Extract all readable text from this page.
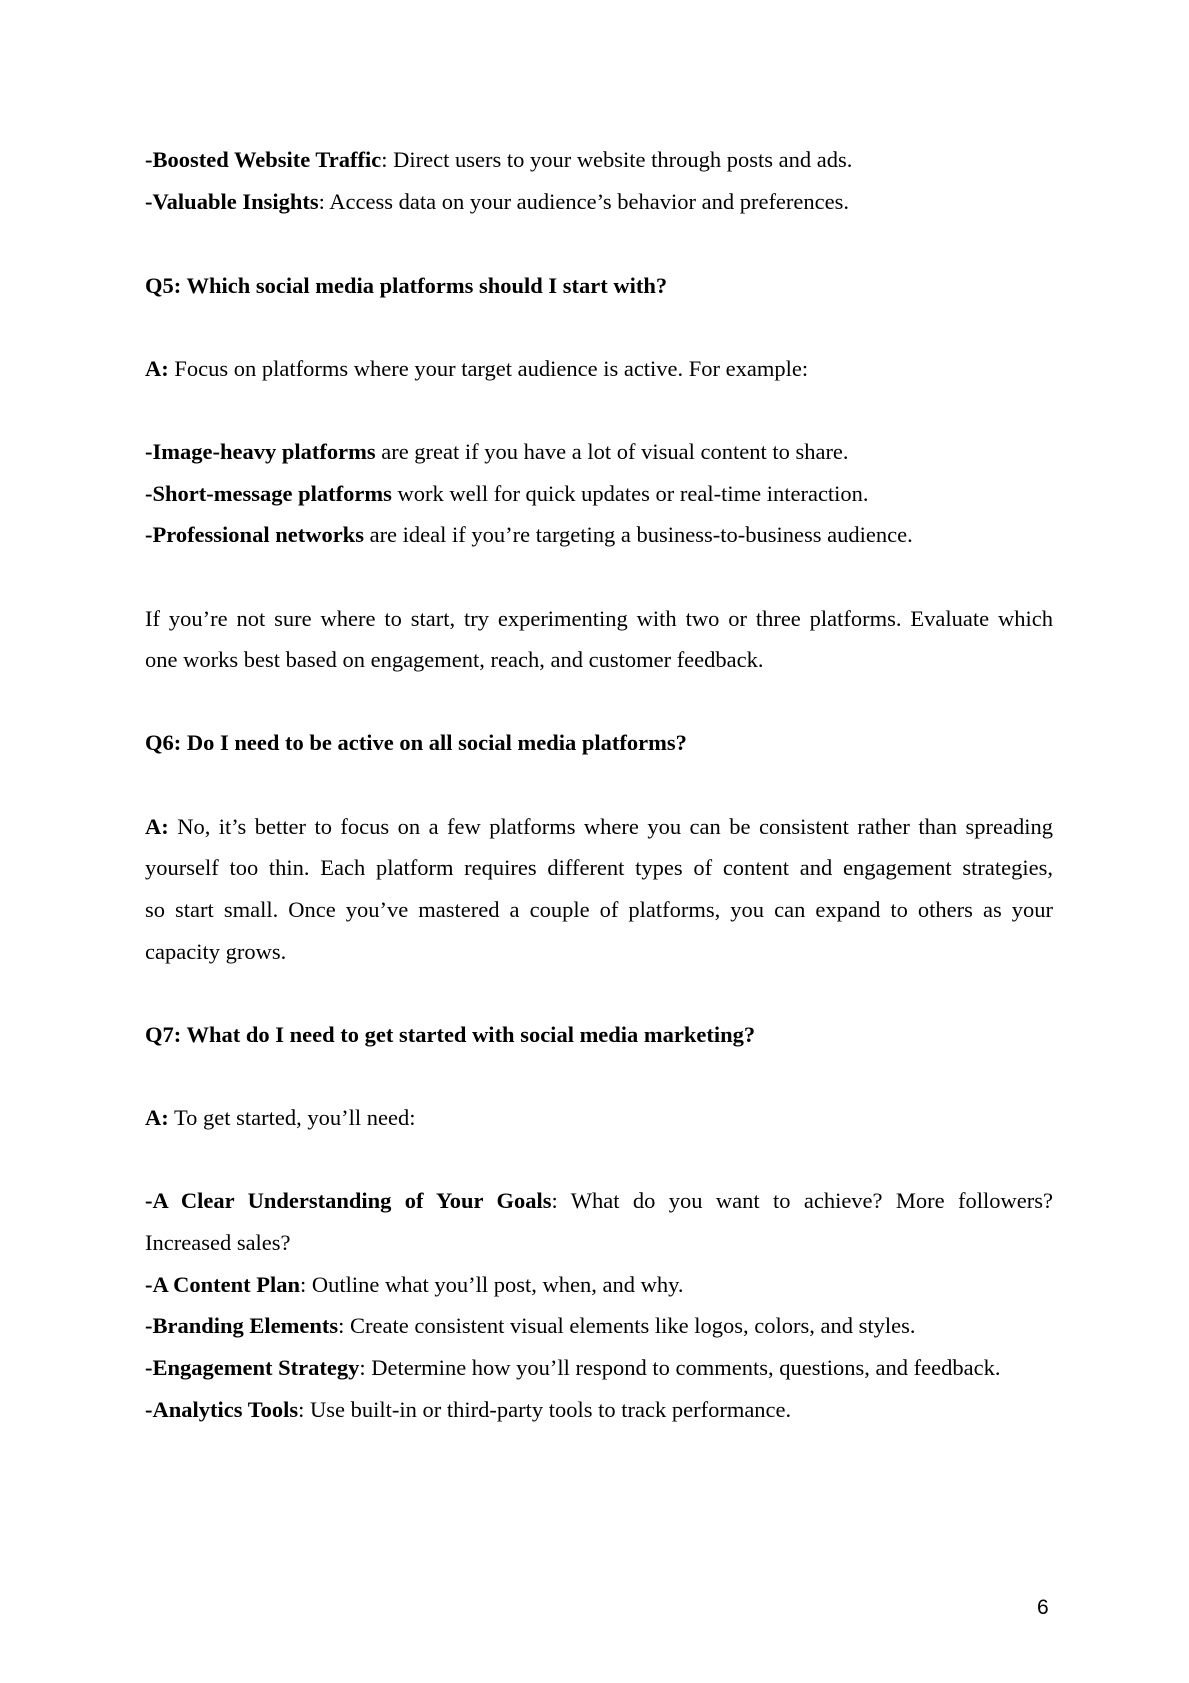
-Boosted Website Traffic: Direct users to your website through posts and ads.

-Valuable Insights: Access data on your audience’s behavior and preferences.

Q5: Which social media platforms should I start with?

A: Focus on platforms where your target audience is active. For example:

-Image-heavy platforms are great if you have a lot of visual content to share.

-Short-message platforms work well for quick updates or real-time interaction.

-Professional networks are ideal if you’re targeting a business-to-business audience.

If you’re not sure where to start, try experimenting with two or three platforms. Evaluate which

one works best based on engagement, reach, and customer feedback.

Q6: Do I need to be active on all social media platforms?

A: No, it’s better to focus on a few platforms where you can be consistent rather than spreading

yourself too thin. Each platform requires different types of content and engagement strategies,

so start small. Once you’ve mastered a couple of platforms, you can expand to others as your

capacity grows.

Q7: What do I need to get started with social media marketing?

A: To get started, you’ll need:

-A Clear Understanding of Your Goals: What do you want to achieve? More followers?

Increased sales?

-A Content Plan: Outline what you’ll post, when, and why.

-Branding Elements: Create consistent visual elements like logos, colors, and styles.

-Engagement Strategy: Determine how you’ll respond to comments, questions, and feedback.

-Analytics Tools: Use built-in or third-party tools to track performance.

6
